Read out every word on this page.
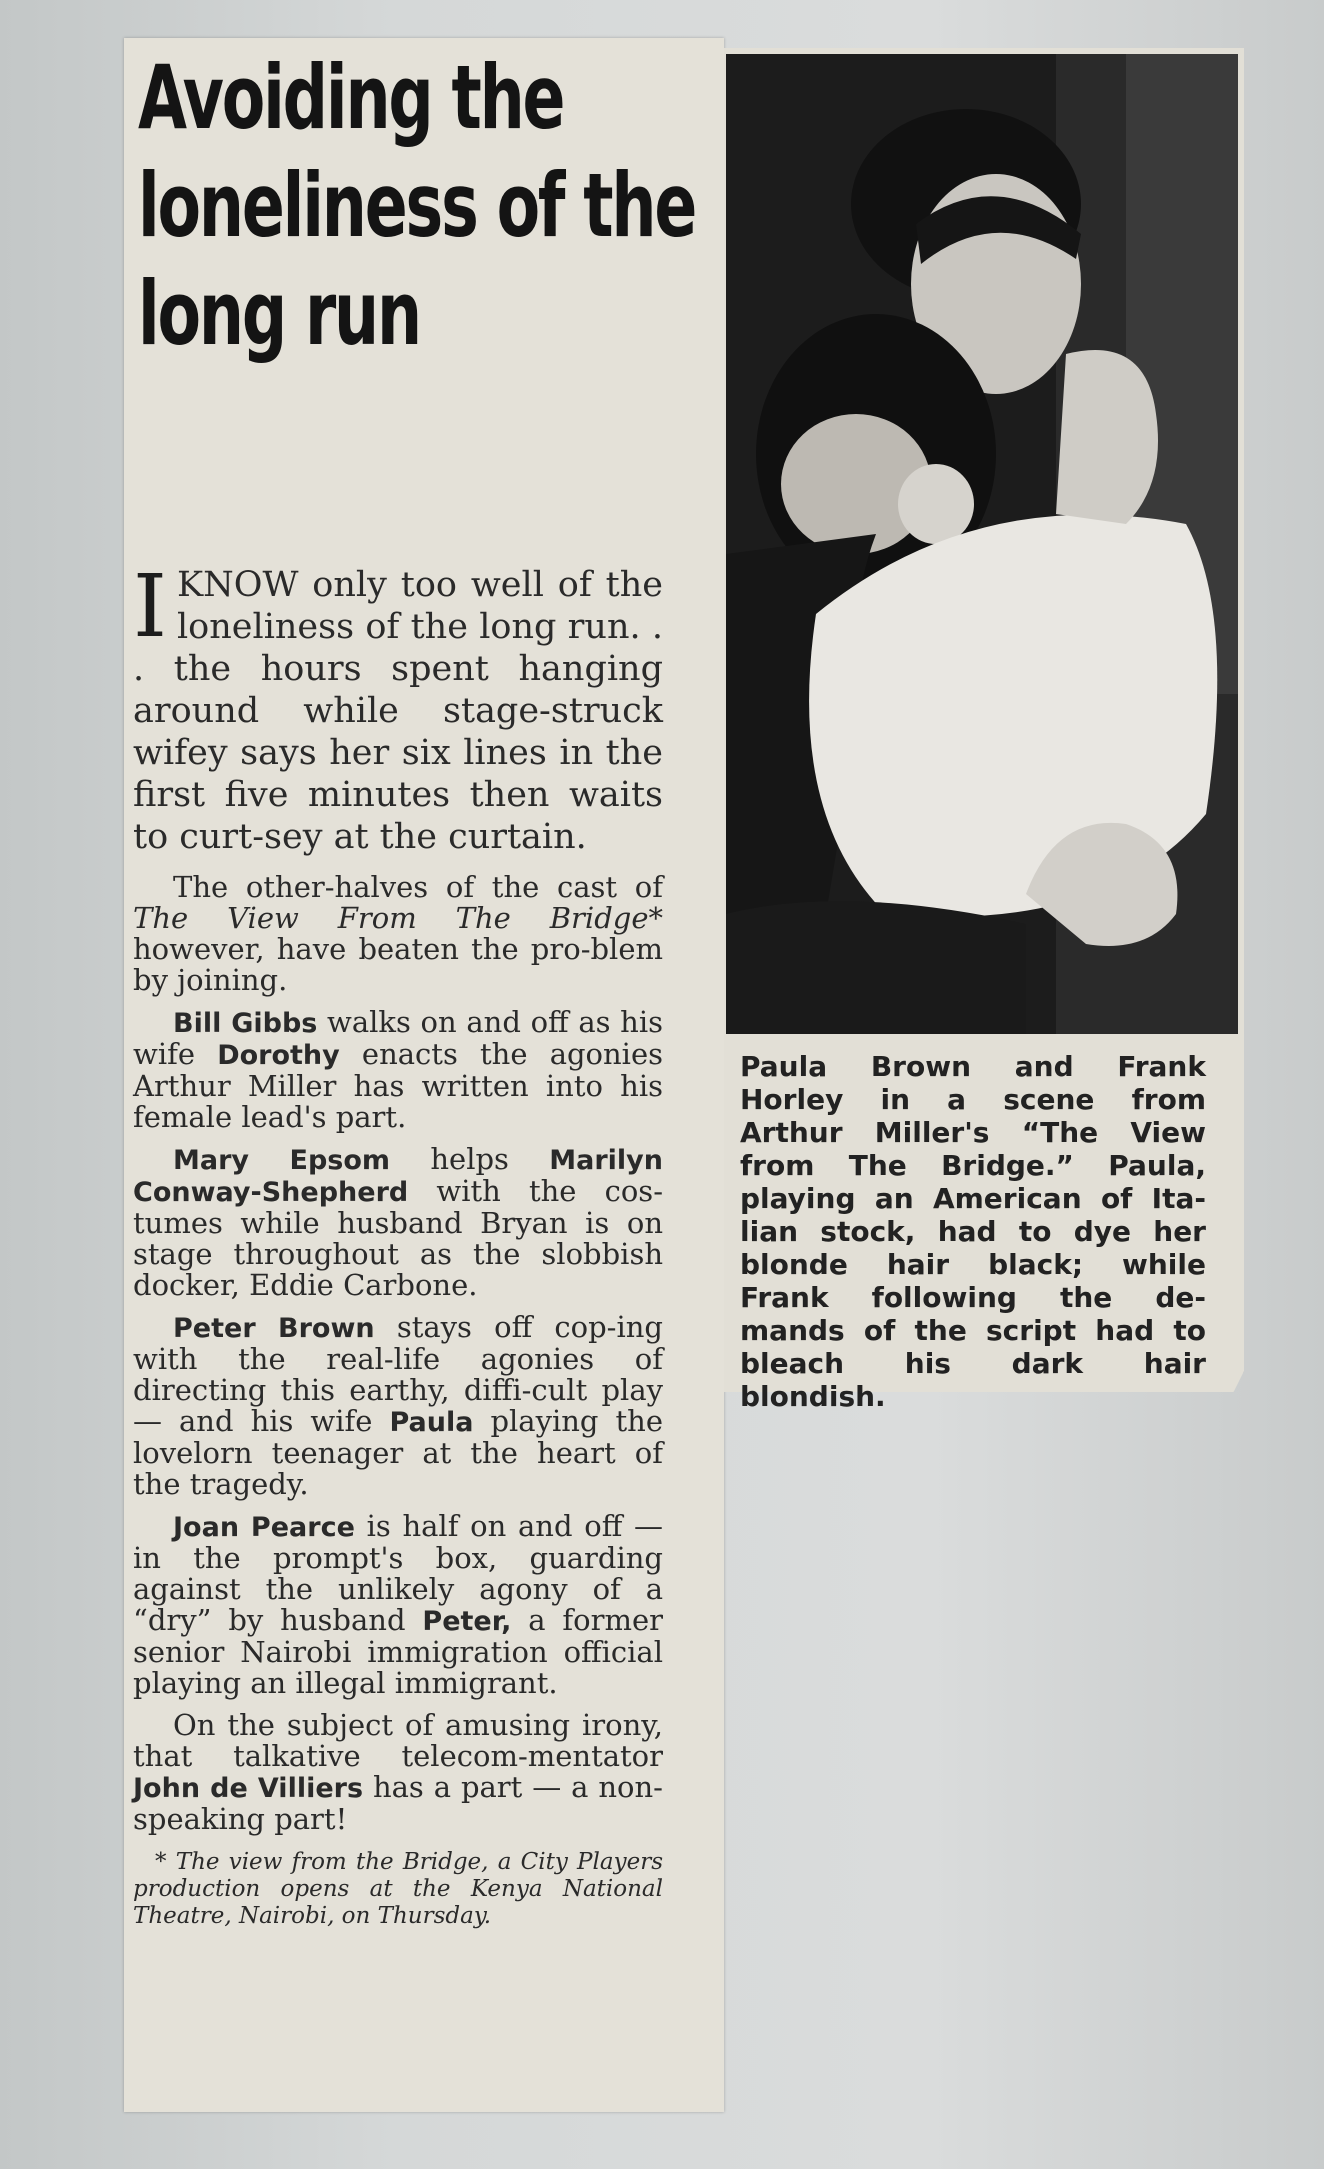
Avoiding the loneliness of the long run

Paula Brown and Frank Horley in a scene from Arthur Miller's “The View from The Bridge.” Paula, playing an American of Ita-lian stock, had to dye her blonde hair black; while Frank following the de-mands of the script had to bleach his dark hair blondish.

IKNOW only too well of the loneliness of the long run. . . the hours spent hanging around while stage-struck wifey says her six lines in the first five minutes then waits to curt-sey at the curtain.

The other-halves of the cast of The View From The Bridge* however, have beaten the pro-blem by joining.

Bill Gibbs walks on and off as his wife Dorothy enacts the agonies Arthur Miller has written into his female lead's part.

Mary Epsom helps Marilyn Conway-Shepherd with the cos-tumes while husband Bryan is on stage throughout as the slobbish docker, Eddie Carbone.

Peter Brown stays off cop-ing with the real-life agonies of directing this earthy, diffi-cult play — and his wife Paula playing the lovelorn teenager at the heart of the tragedy.

Joan Pearce is half on and off — in the prompt's box, guarding against the unlikely agony of a “dry” by husband Peter, a former senior Nairobi immigration official playing an illegal immigrant.

On the subject of amusing irony, that talkative telecom-mentator John de Villiers has a part — a non-speaking part!

* The view from the Bridge, a City Players production opens at the Kenya National Theatre, Nairobi, on Thursday.
